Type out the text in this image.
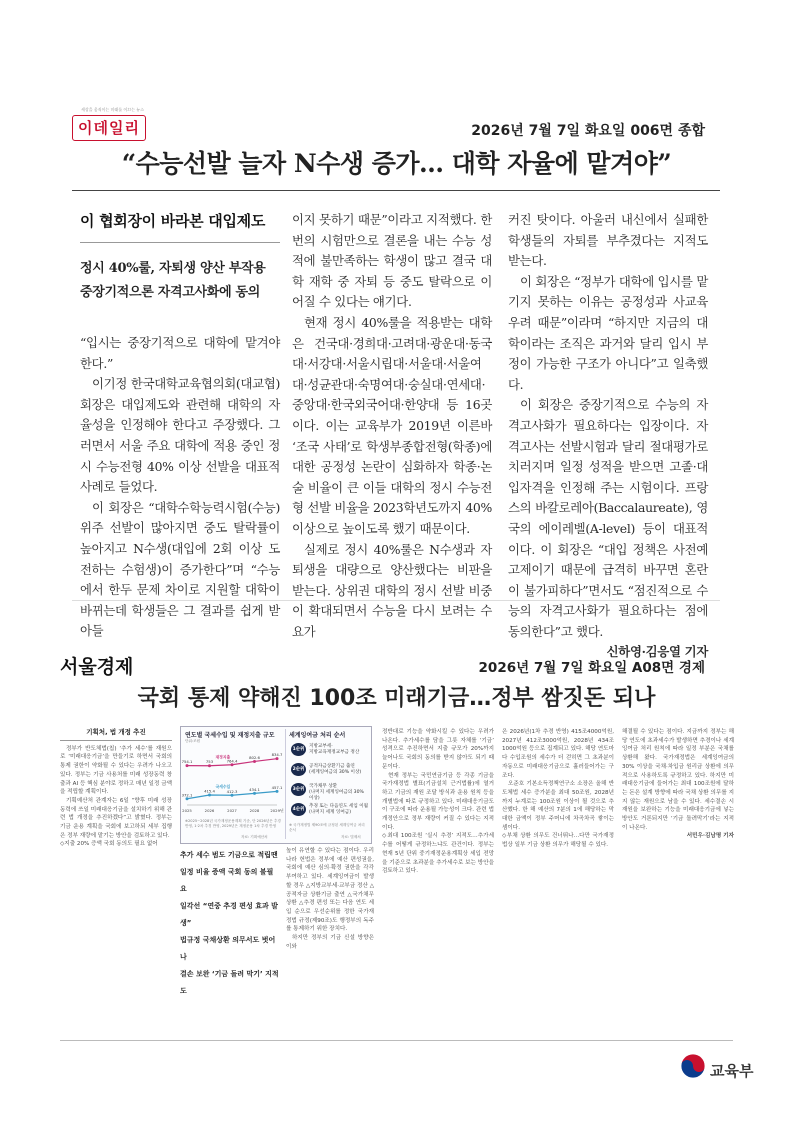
세상을 움직이는 미래를 이끄는 뉴스
이데일리	2026년 7월 7일 화요일 006면 종합
“수능선발 늘자 N수생 증가… 대학 자율에 맡겨야”
이 협회장이 바라본 대입제도
정시 40%룰, 자퇴생 양산 부작용
중장기적으론 자격고사화에 동의

“입시는 중장기적으로 대학에 맡겨야 한다.”

이기정 한국대학교육협의회(대교협) 회장은 대입제도와 관련해 대학의 자율성을 인정해야 한다고 주장했다. 그러면서 서울 주요 대학에 적용 중인 정시 수능전형 40% 이상 선발을 대표적 사례로 들었다.

이 회장은 “대학수학능력시험(수능) 위주 선발이 많아지면 중도 탈락률이 높아지고 N수생(대입에 2회 이상 도전하는 수험생)이 증가한다”며 “수능에서 한두 문제 차이로 지원할 대학이 바뀌는데 학생들은 그 결과를 쉽게 받아들

이지 못하기 때문”이라고 지적했다. 한 번의 시험만으로 결론을 내는 수능 성적에 불만족하는 학생이 많고 결국 대학 재학 중 자퇴 등 중도 탈락으로 이어질 수 있다는 얘기다.

현재 정시 40%룰을 적용받는 대학은 건국대·경희대·고려대·광운대·동국대·서강대·서울시립대·서울대·서울여대·성균관대·숙명여대·숭실대·연세대·중앙대·한국외국어대·한양대 등 16곳이다. 이는 교육부가 2019년 이른바 ‘조국 사태’로 학생부종합전형(학종)에 대한 공정성 논란이 심화하자 학종·논술 비율이 큰 이들 대학의 정시 수능전형 선발 비율을 2023학년도까지 40% 이상으로 높이도록 했기 때문이다.

실제로 정시 40%룰은 N수생과 자퇴생을 대량으로 양산했다는 비판을 받는다. 상위권 대학의 정시 선발 비중이 확대되면서 수능을 다시 보려는 수요가

커진 탓이다. 아울러 내신에서 실패한 학생들의 자퇴를 부추겼다는 지적도 받는다.

이 회장은 “정부가 대학에 입시를 맡기지 못하는 이유는 공정성과 사교육 우려 때문”이라며 “하지만 지금의 대학이라는 조직은 과거와 달리 입시 부정이 가능한 구조가 아니다”고 일축했다.

이 회장은 중장기적으로 수능의 자격고사화가 필요하다는 입장이다. 자격고사는 선발시험과 달리 절대평가로 치러지며 일정 성적을 받으면 고졸·대입자격을 인정해 주는 시험이다. 프랑스의 바칼로레아(Baccalaureate), 영국의 에이레벨(A-level) 등이 대표적이다. 이 회장은 “대입 정책은 사전예고제이기 때문에 급격히 바꾸면 혼란이 불가피하다”면서도 “점진적으로 수능의 자격고사화가 필요하다는 점에 동의한다”고 했다.

신하영·김응열 기자
서울경제	2026년 7월 7일 화요일 A08면 경제
국회 통제 약해진 100조 미래기금…정부 쌈짓돈 되나
기획처, 법 개정 추진

정부가 반도체법(칩) ‘추가 세수’를 재원으로 ‘미래대응기금’을 만들기로 하면서 국회의 통제 권한이 약화될 수 있다는 우려가 나오고 있다. 정부는 기금 사용처를 미래 성장동력 창출과 AI 등 핵심 분야로 정하고 매년 일정 금액을 적립할 계획이다.

기획예산처 관계자는 6일 “향후 미래 성장 동력에 쓰일 미래대응기금을 설치하기 위해 관련 법 개정을 추진하겠다”고 밝혔다. 정부는 기금 운용 계획을 국회에 보고하되 세부 집행은 정부 재량에 맡기는 방안을 검토하고 있다.

◇지출 20% 증액 국회 동의도 필요 없어

연도별 국세수입 및 재정지출 규모
단위:조원
754.1	753	764.4
802.6
834.7
재정지출
372.1
415.4	412.3	434.1	457.1
국세수입
2025	2026	2027	2028	2029년
※2025~2028년 국가재정운용계획 기준, 단 2026년은 추경 반영, 1·2차 추경 반영, 2029년은 재정운용 1차 추경 반영
자료: 기획예산처
세계잉여금 처리 순서
1순위
지방교부세·
지방교육재정교부금 정산
2순위
공적자금상환기금 출연
(세계잉여금의 30% 이상)
3순위
국가채무 상환
(나머지 세계잉여금의 30% 이상)
4순위
추경 또는 다음연도 세입 이월
(나머지 세계 잉여금)
※ 국가재정법 제90조에 규정된 세계잉여금 처리 순서
자료: 법제처
추가 세수 범도 기금으로 적립땐
일정 비율 증액 국회 동의 불필요
일각선 “연중 추경 편성 효과 발생”
법규정 국채상환 의무서도 벗어나
결손 보완 ‘기금 돌려 막기’ 지적도

높이 유연할 수 있다는 점이다. 우리나라 헌법은 정부에 예산 편성권을, 국회에 예산 심의·확정 권한을 각각 부여하고 있다. 세계잉여금이 발생할 경우 △지방교부세·교부금 정산 △공적자금 상환기금 출연 △국가채무 상환 △추경 편성 또는 다음 연도 세입 순으로 우선순위를 정한 국가재정법 규정(제90조)도 행정부의 독주를 통제하기 위한 장치다.

하지만 정부의 기금 신설 방향은 이와

정반대로 기능을 약화시킬 수 있다는 우려가 나온다. 추가세수를 담을 그릇 자체를 ‘기금’ 성격으로 추진하면서 지출 규모가 20%까지 늘어나도 국회의 동의를 받지 않아도 되기 때문이다.

현재 정부는 국민연금기금 등 각종 기금을 국가재정법 별표(기금설치 근거법률)에 열거하고 기금의 재원 조달 방식과 운용 원칙 등을 개별법에 따로 규정하고 있다. 미래대응기금도 이 구조에 따라 운용될 가능성이 크다. 관련 법 개정안으로 정부 재량이 커질 수 있다는 지적이다.

◇최대 100조원 ‘실시 추경’ 지적도…추가세수를 어떻게 규정하느냐도 관건이다. 정부는 현재 5년 단위 중기재정운용계획상 세입 전망을 기준으로 초과분을 추가세수로 보는 방안을 검토하고 있다.

은 2026년(1차 추경 반영) 415조4000억원, 2027년 412조3000억원, 2028년 434조1000억원 등으로 집계되고 있다. 해당 연도마다 수입조원의 세수가 더 걷히면 그 초과분이 자동으로 미래대응기금으로 흘러들어가는 구조다.

오준호 기본소득정책연구소 소장은 올해 반도체법 세수 증가분을 최대 50조원, 2028년까지 누계로는 100조원 이상이 될 것으로 추산했다. 한 해 예산의 7분의 1에 해당하는 막대한 금액이 정부 주머니에 차곡차곡 쌓이는 셈이다.

◇부채 상환 의무도 건너뛰나…다만 국가재정법상 일부 기금 상환 의무가 해당될 수 있다.

해결될 수 있다는 점이다. 지금까지 정부는 해당 연도에 초과세수가 발생하면 추경이나 세계잉여금 처리 원칙에 따라 일정 부분은 국채를 상환해 왔다. 국가재정법은 세계잉여금의 30% 이상을 국채·차입금 원리금 상환에 의무적으로 사용하도록 규정하고 있다. 하지만 미래대응기금에 들어가는 최대 100조원에 달하는 돈은 설계 방향에 따라 국채 상환 의무를 지지 않는 재원으로 남을 수 있다. 세수결손 시 재원을 보완하는 기능을 미래대응기금에 넣는 방안도 거론되지만 ‘기금 돌려막기’라는 지적이 나온다.

서민우·김남명 기자

교육부
